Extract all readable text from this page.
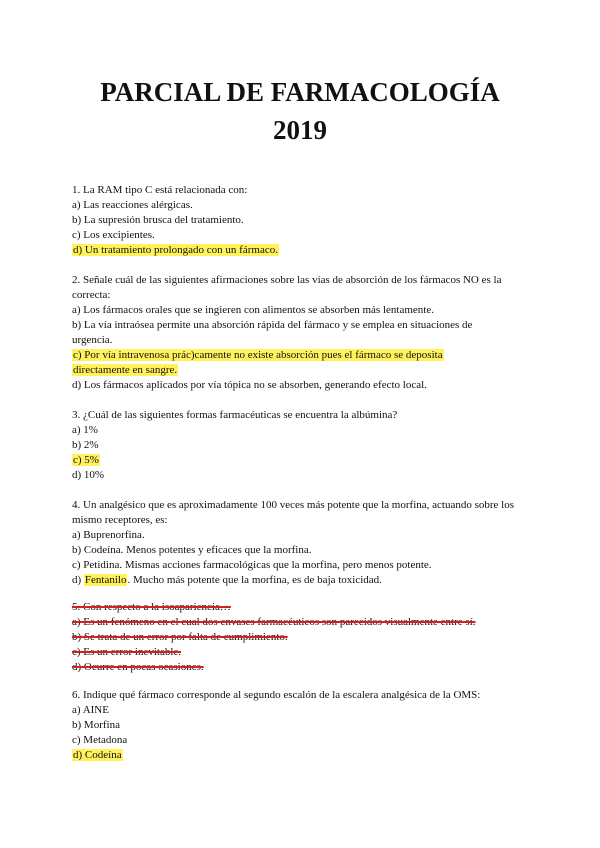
PARCIAL DE FARMACOLOGÍA
2019
1. La RAM tipo C está relacionada con:
a) Las reacciones alérgicas.
b) La supresión brusca del tratamiento.
c) Los excipientes.
d) Un tratamiento prolongado con un fármaco.
2. Señale cuál de las siguientes afirmaciones sobre las vías de absorción de los fármacos NO es la
correcta:
a) Los fármacos orales que se ingieren con alimentos se absorben más lentamente.
b) La vía intraósea permite una absorción rápida del fármaco y se emplea en situaciones de
urgencia.
c) Por vía intravenosa prác)camente no existe absorción pues el fármaco se deposita
directamente en sangre.
d) Los fármacos aplicados por vía tópica no se absorben, generando efecto local.
3. ¿Cuál de las siguientes formas farmacéuticas se encuentra la albúmina?
a) 1%
b) 2%
c) 5%
d) 10%
4. Un analgésico que es aproximadamente 100 veces más potente que la morfina, actuando sobre los
mismo receptores, es:
a) Buprenorfina.
b) Codeína. Menos potentes y eficaces que la morfina.
c) Petidina. Mismas acciones farmacológicas que la morfina, pero menos potente.
d) Fentanilo. Mucho más potente que la morfina, es de baja toxicidad.
5. Con respecto a la isoapariencia…
a) Es un fenómeno en el cual dos envases farmacéuticos son parecidos visualmente entre sí.
b) Se trata de un error por falta de cumplimiento.
c) Es un error inevitable.
d) Ocurre en pocas ocasiones.
6. Indique qué fármaco corresponde al segundo escalón de la escalera analgésica de la OMS:
a) AINE
b) Morfina
c) Metadona
d) Codeína
